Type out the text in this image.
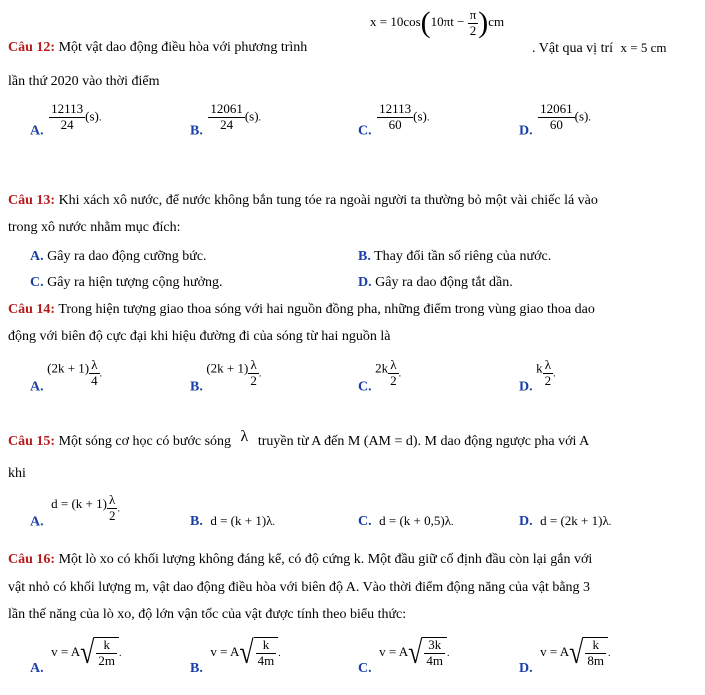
Câu 12: Một vật dao động điều hòa với phương trình
$x = 10\cos(10\pi t - \frac{\pi}{2} )cm$
. Vật qua vị trí x = 5 cm
lần thứ 2020 vào thời điểm
A. $\frac{12113}{24} (s)$.
B. $\frac{12061}{24} (s)$.
C. $\frac{12113}{60} (s)$.
D. $\frac{12061}{60} (s)$.
Câu 13: Khi xách xô nước, để nước không bắn tung tóe ra ngoài người ta thường bỏ một vài chiếc lá vào
trong xô nước nhằm mục đích:
A. Gây ra dao động cưỡng bức.	B. Thay đổi tần số riêng của nước.
C. Gây ra hiện tượng cộng hưởng.	D. Gây ra dao động tắt dần.
Câu 14: Trong hiện tượng giao thoa sóng với hai nguồn đồng pha, những điểm trong vùng giao thoa dao
động với biên độ cực đại khi hiệu đường đi của sóng từ hai nguồn là
A. $(2k + 1) \frac{\lambda}{4}$ .
B. $(2k + 1) \frac{\lambda}{2}$ .
C. $2k \frac{\lambda}{2}$ .
D. k $\frac{\lambda}{2}$ .
Câu 15: Một sóng cơ học có bước sóng λ truyền từ A đến M (AM = d). M dao động ngược pha với A
khi
A. $d = (k + 1) \frac{\lambda}{2}$ .
B. d = (k + 1)λ.	C. d = (k + 0,5)λ.	D. d = (2k + 1)λ.
Câu 16: Một lò xo có khối lượng không đáng kể, có độ cứng k. Một đầu giữ cố định đầu còn lại gắn với
vật nhỏ có khối lượng m, vật dao động điều hòa với biên độ A. Vào thời điểm động năng của vật bằng 3
lần thế năng của lò xo, độ lớn vận tốc của vật được tính theo biểu thức:
A. $v = A√ \frac{k}{2m}$ .
B. $v = A√ \frac{k}{4m}$ .
C. $v = A√ \frac{3k}{4m}$ .
D. $v = A√ \frac{k}{8m}$ .
